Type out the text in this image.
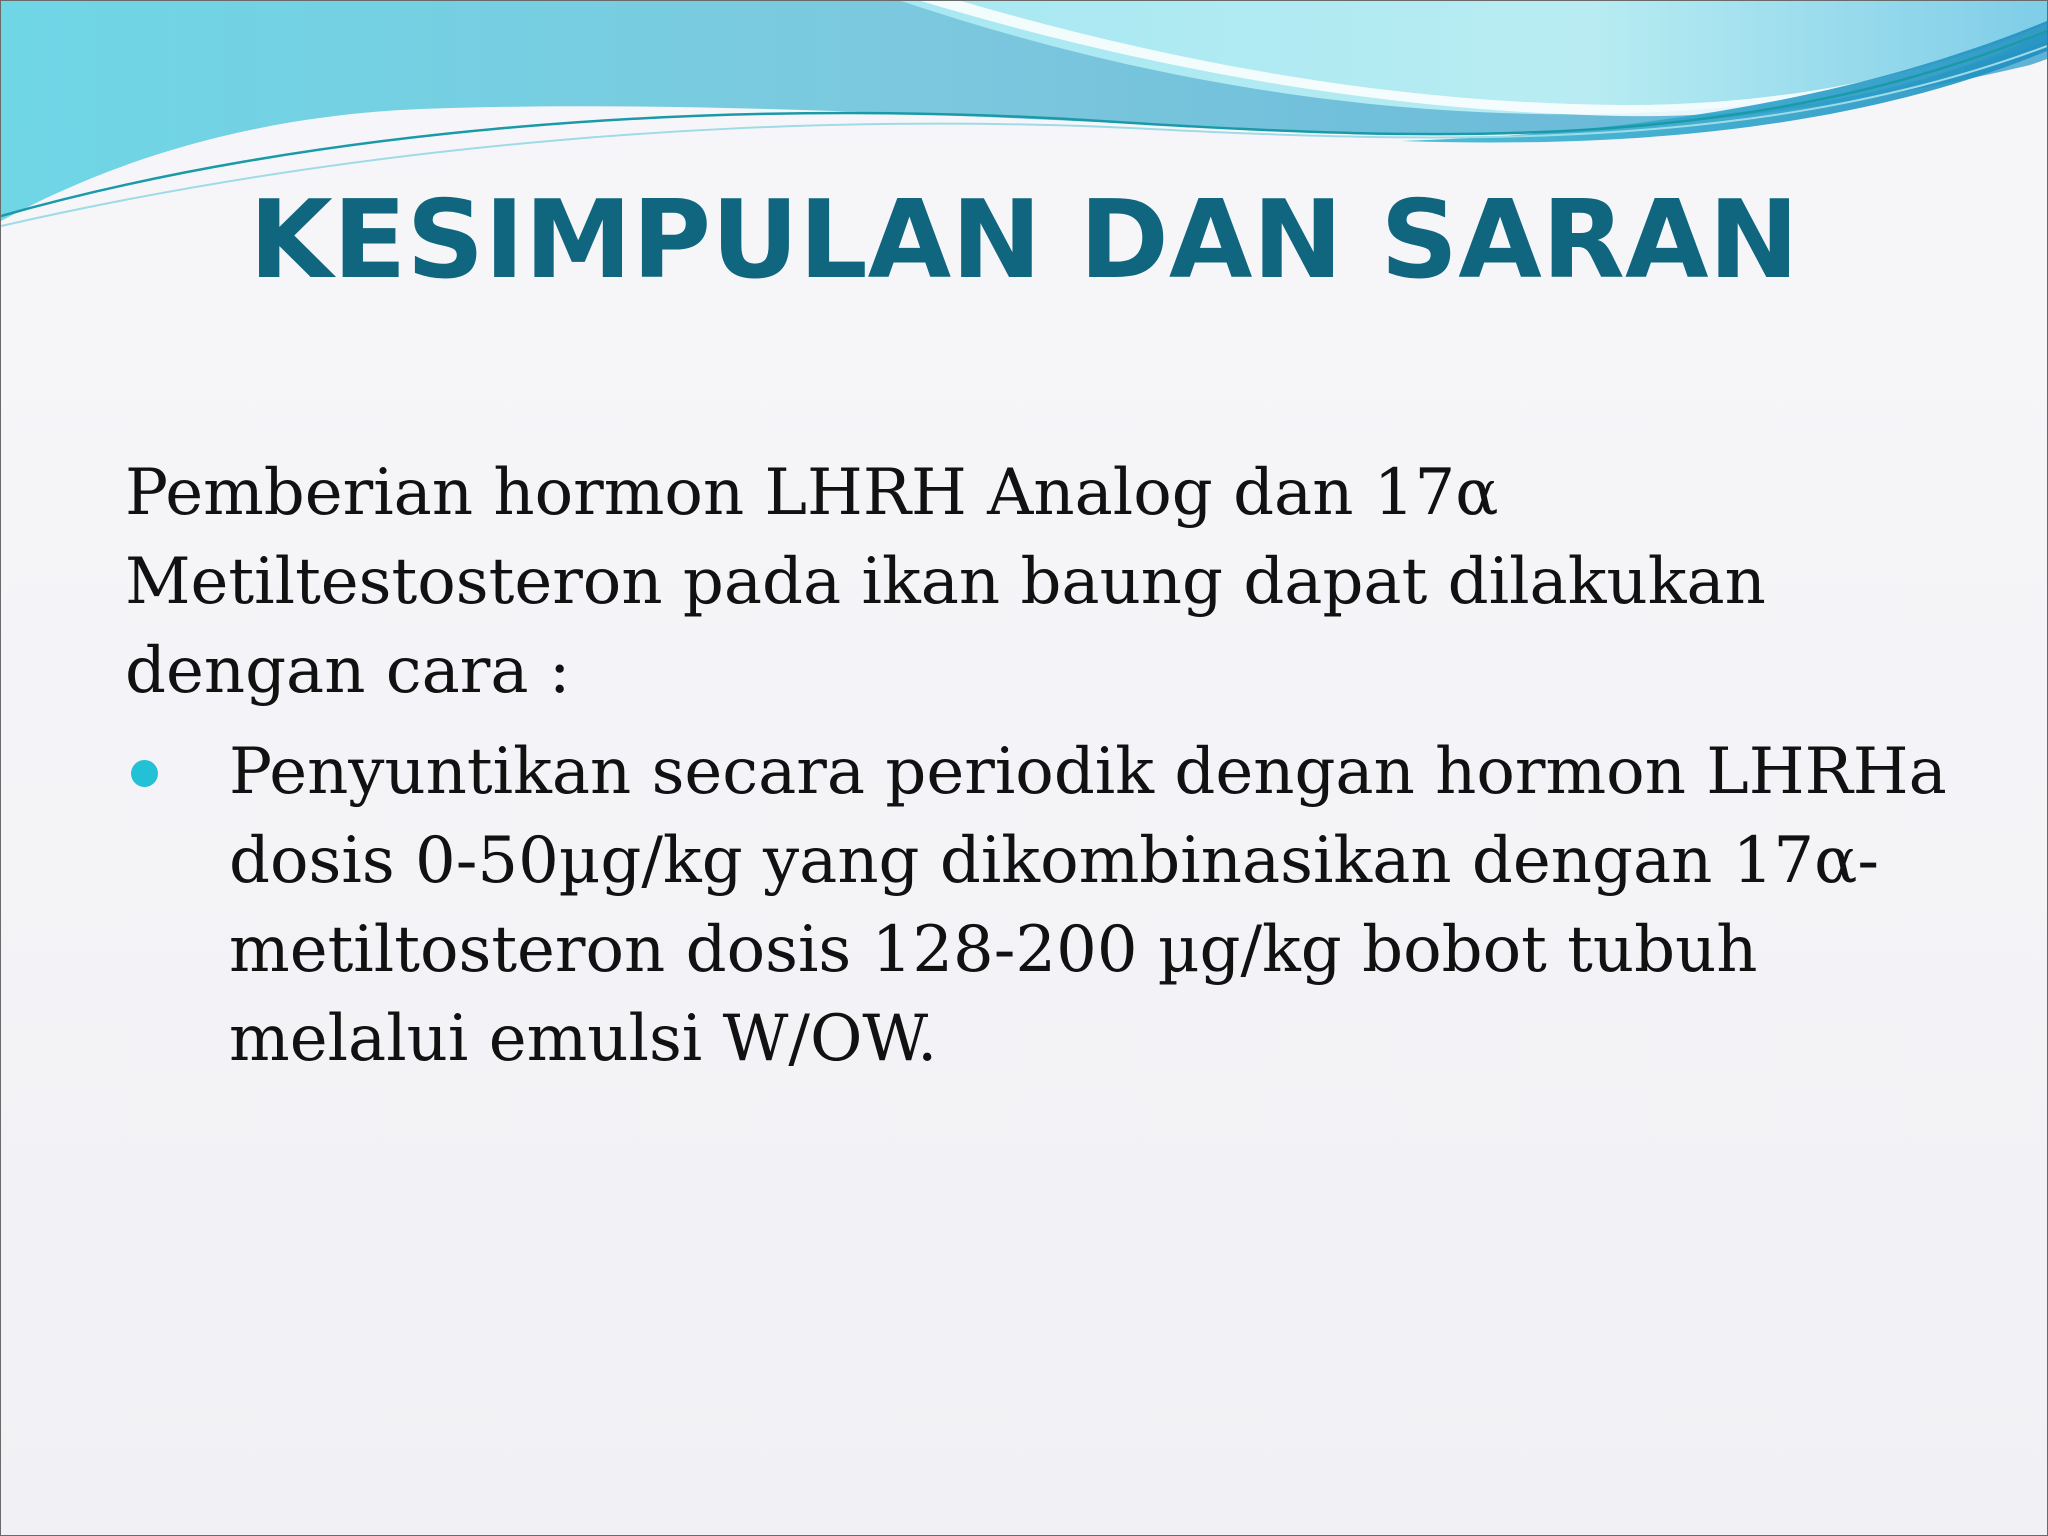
KESIMPULAN DAN SARAN

Pemberian hormon LHRH Analog dan 17α Metiltestosteron pada ikan baung dapat dilakukan dengan cara :

Penyuntikan secara periodik dengan hormon LHRHa dosis 0-50µg/kg yang dikombinasikan dengan 17α-metiltosteron dosis 128-200 µg/kg bobot tubuh melalui emulsi W/OW.
